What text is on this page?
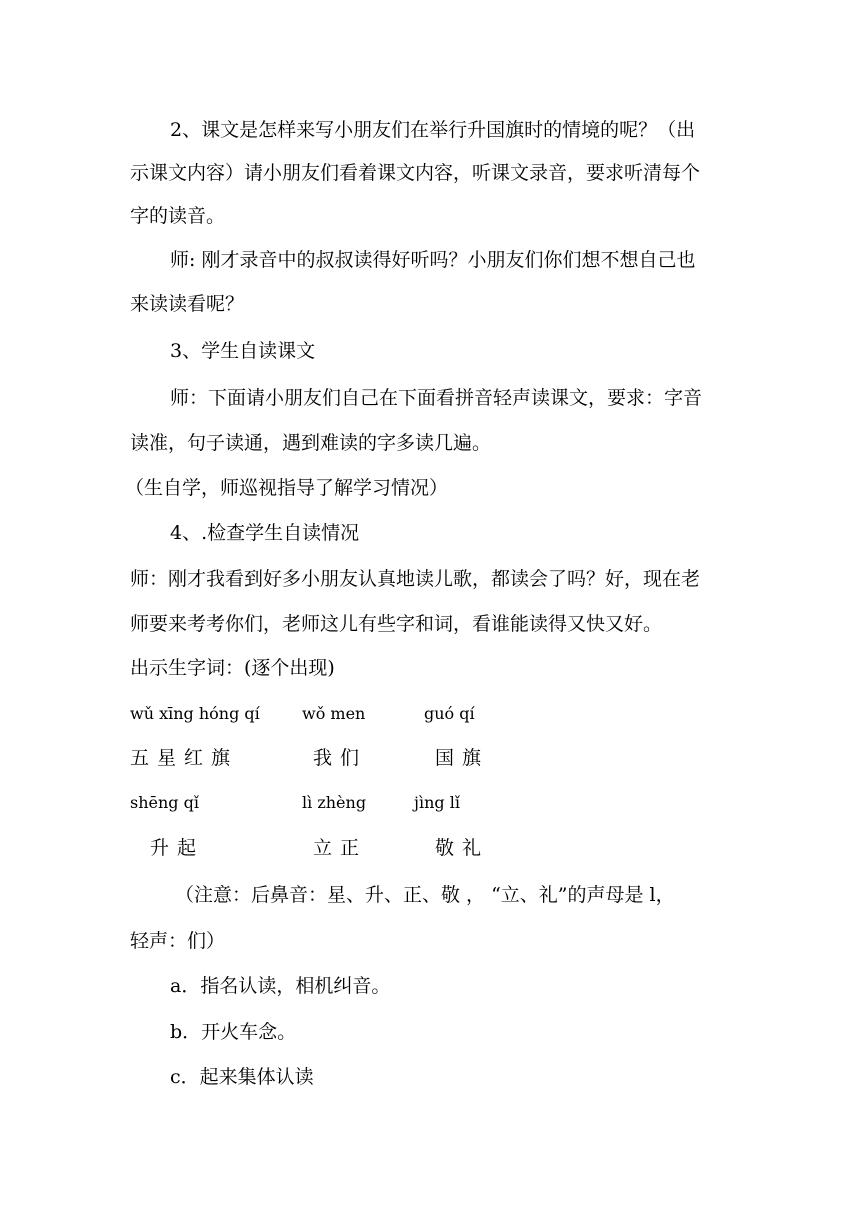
2、课文是怎样来写小朋友们在举行升国旗时的情境的呢？（出
示课文内容）请小朋友们看着课文内容，听课文录音，要求听清每个
字的读音。
师: 刚才录音中的叔叔读得好听吗？小朋友们你们想不想自己也
来读读看呢？
3、学生自读课文
师：下面请小朋友们自己在下面看拼音轻声读课文，要求：字音
读准，句子读通，遇到难读的字多读几遍。
（生自学，师巡视指导了解学习情况）
4、.检查学生自读情况
师：刚才我看到好多小朋友认真地读儿歌，都读会了吗？好，现在老
师要来考考你们，老师这儿有些字和词，看谁能读得又快又好。
出示生字词：(逐个出现)
wǔ xīng hóng qí	wǒ men	guó qí
五星红旗	我们	国旗
shēng qǐ	lì zhèng	jìng lǐ
升起	立正	敬礼
（注意：后鼻音：星、升、正、敬 ， “立、礼”的声母是 l，
轻声：们）
a．指名认读，相机纠音。
b．开火车念。
c．起来集体认读
